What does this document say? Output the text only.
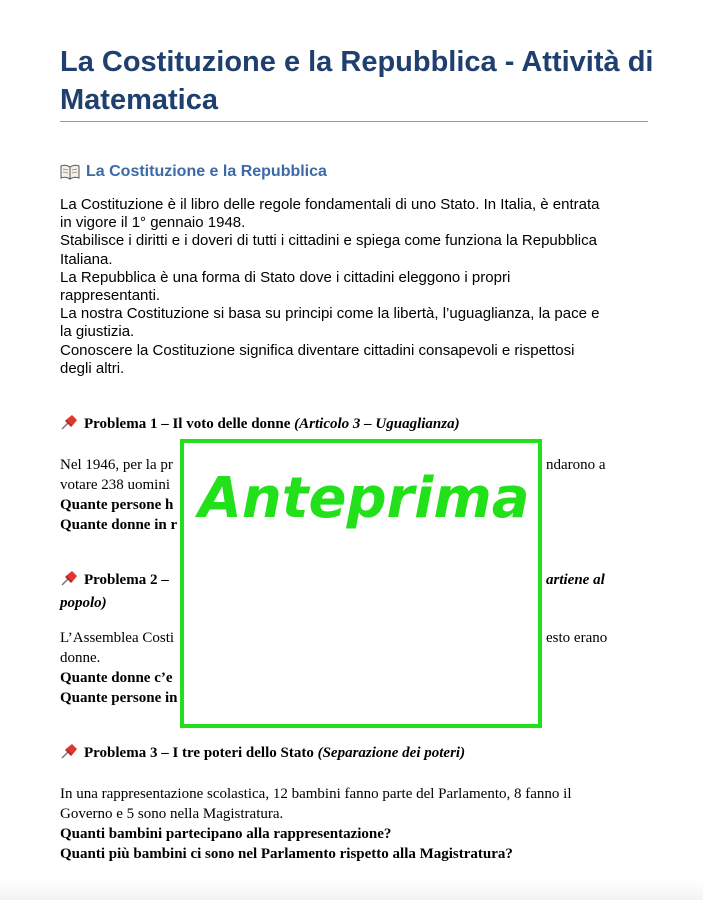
La Costituzione e la Repubblica - Attività di
Matematica
La Costituzione e la Repubblica
La Costituzione è il libro delle regole fondamentali di uno Stato. In Italia, è entrata
in vigore il 1° gennaio 1948.
Stabilisce i diritti e i doveri di tutti i cittadini e spiega come funziona la Repubblica
Italiana.
La Repubblica è una forma di Stato dove i cittadini eleggono i propri
rappresentanti.
La nostra Costituzione si basa su principi come la libertà, l’uguaglianza, la pace e
la giustizia.
Conoscere la Costituzione significa diventare cittadini consapevoli e rispettosi
degli altri.
Problema 1 – Il voto delle donne (Articolo 3 – Uguaglianza)
Nel 1946, per la pr
votare 238 uomini
Quante persone h
Quante donne in r
ndarono a
Problema 2 –	artiene al
popolo)
L’Assemblea Costi
donne.
Quante donne c’e
Quante persone in
esto erano
Problema 3 – I tre poteri dello Stato (Separazione dei poteri)
In una rappresentazione scolastica, 12 bambini fanno parte del Parlamento, 8 fanno il
Governo e 5 sono nella Magistratura.
Quanti bambini partecipano alla rappresentazione?
Quanti più bambini ci sono nel Parlamento rispetto alla Magistratura?
Anteprima
